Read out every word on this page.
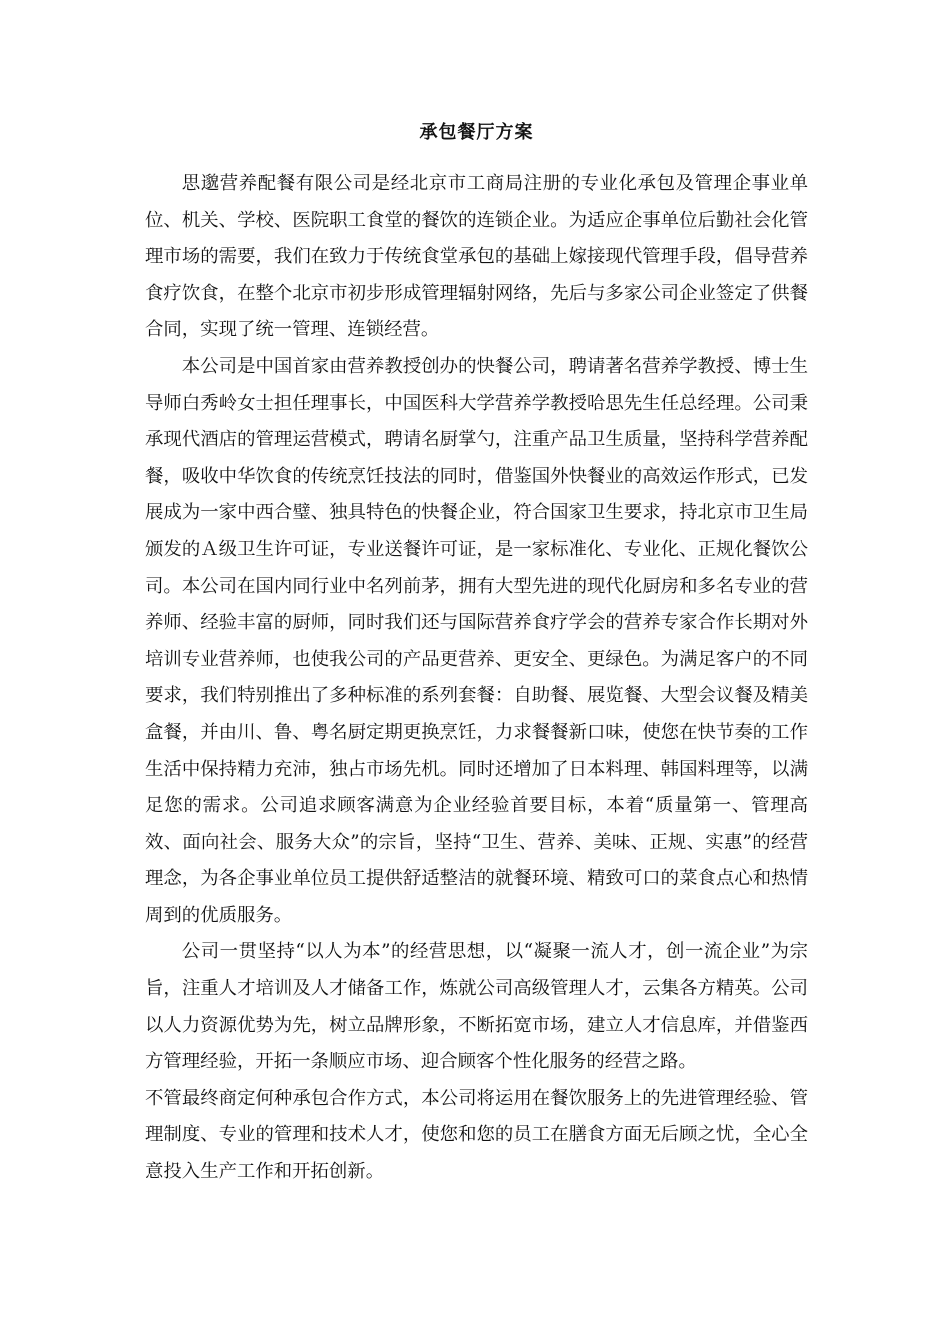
承包餐厅方案

思邈营养配餐有限公司是经北京市工商局注册的专业化承包及管理企事业单位、机关、学校、医院职工食堂的餐饮的连锁企业。为适应企事单位后勤社会化管理市场的需要，我们在致力于传统食堂承包的基础上嫁接现代管理手段，倡导营养食疗饮食，在整个北京市初步形成管理辐射网络，先后与多家公司企业签定了供餐合同，实现了统一管理、连锁经营。

本公司是中国首家由营养教授创办的快餐公司，聘请著名营养学教授、博士生导师白秀岭女士担任理事长，中国医科大学营养学教授哈思先生任总经理。公司秉承现代酒店的管理运营模式，聘请名厨掌勺，注重产品卫生质量，坚持科学营养配餐，吸收中华饮食的传统烹饪技法的同时，借鉴国外快餐业的高效运作形式，已发展成为一家中西合璧、独具特色的快餐企业，符合国家卫生要求，持北京市卫生局颁发的Ａ级卫生许可证，专业送餐许可证，是一家标准化、专业化、正规化餐饮公司。本公司在国内同行业中名列前茅，拥有大型先进的现代化厨房和多名专业的营养师、经验丰富的厨师，同时我们还与国际营养食疗学会的营养专家合作长期对外培训专业营养师，也使我公司的产品更营养、更安全、更绿色。为满足客户的不同要求，我们特别推出了多种标准的系列套餐：自助餐、展览餐、大型会议餐及精美盒餐，并由川、鲁、粤名厨定期更换烹饪，力求餐餐新口味，使您在快节奏的工作生活中保持精力充沛，独占市场先机。同时还增加了日本料理、韩国料理等，以满足您的需求。公司追求顾客满意为企业经验首要目标，本着“质量第一、管理高效、面向社会、服务大众”的宗旨，坚持“卫生、营养、美味、正规、实惠”的经营理念，为各企事业单位员工提供舒适整洁的就餐环境、精致可口的菜食点心和热情周到的优质服务。

公司一贯坚持“以人为本”的经营思想，以“凝聚一流人才，创一流企业”为宗旨，注重人才培训及人才储备工作，炼就公司高级管理人才，云集各方精英。公司以人力资源优势为先，树立品牌形象，不断拓宽市场，建立人才信息库，并借鉴西方管理经验，开拓一条顺应市场、迎合顾客个性化服务的经营之路。

不管最终商定何种承包合作方式，本公司将运用在餐饮服务上的先进管理经验、管理制度、专业的管理和技术人才，使您和您的员工在膳食方面无后顾之忧，全心全意投入生产工作和开拓创新。
